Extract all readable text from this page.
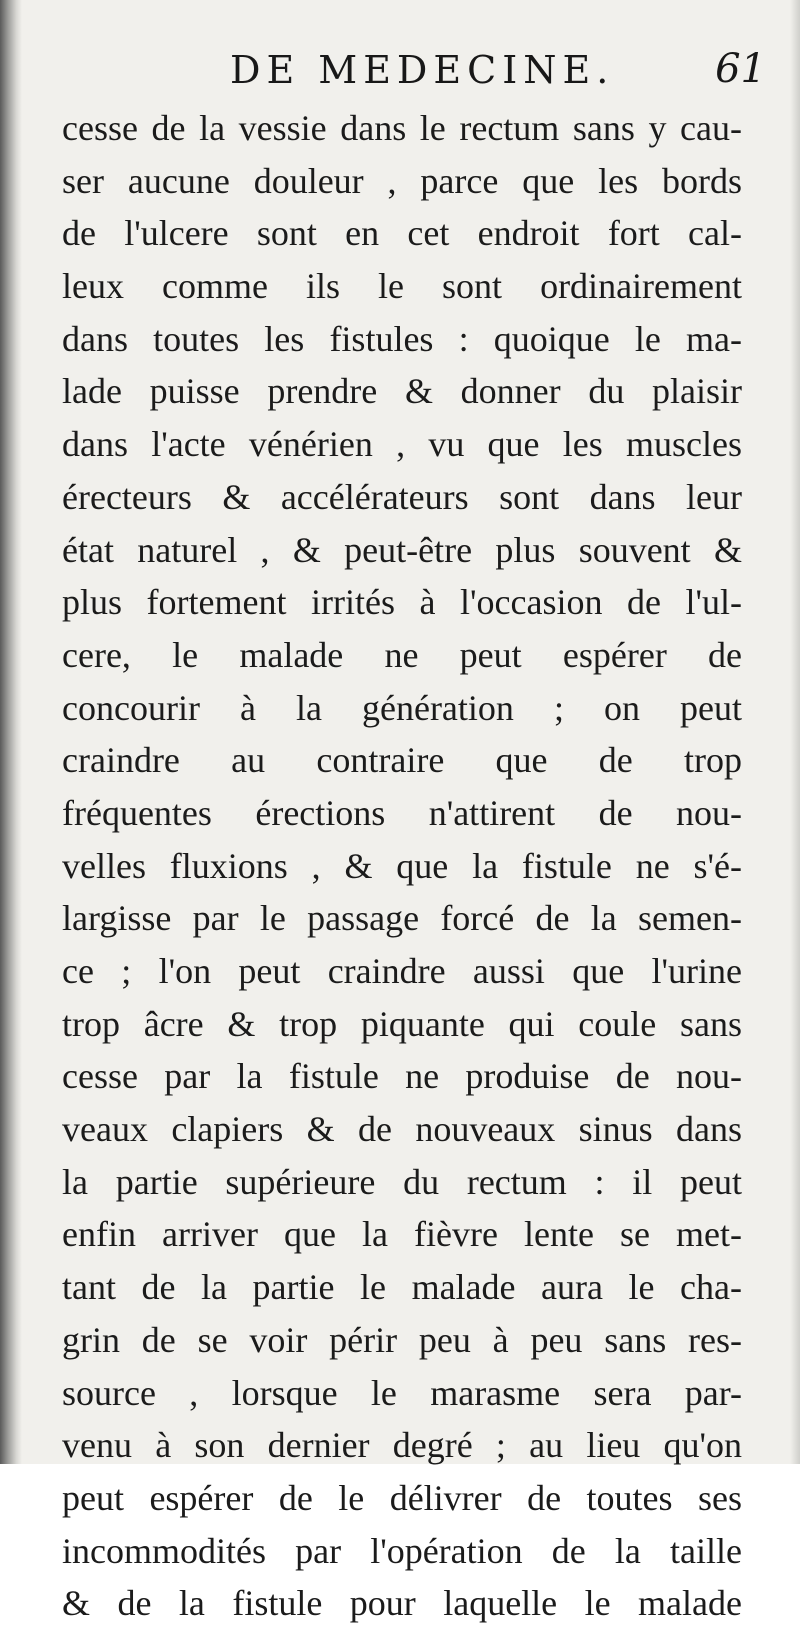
DE MEDECINE.	61
cesse de la vessie dans le rectum sans y cau-
ser aucune douleur , parce que les bords
de l'ulcere sont en cet endroit fort cal-
leux comme ils le sont ordinairement
dans toutes les fistules : quoique le ma-
lade puisse prendre & donner du plaisir
dans l'acte vénérien , vu que les muscles
érecteurs & accélérateurs sont dans leur
état naturel , & peut-être plus souvent &
plus fortement irrités à l'occasion de l'ul-
cere, le malade ne peut espérer de
concourir à la génération ; on peut
craindre au contraire que de trop
fréquentes érections n'attirent de nou-
velles fluxions , & que la fistule ne s'é-
largisse par le passage forcé de la semen-
ce ; l'on peut craindre aussi que l'urine
trop âcre & trop piquante qui coule sans
cesse par la fistule ne produise de nou-
veaux clapiers & de nouveaux sinus dans
la partie supérieure du rectum : il peut
enfin arriver que la fièvre lente se met-
tant de la partie le malade aura le cha-
grin de se voir périr peu à peu sans res-
source , lorsque le marasme sera par-
venu à son dernier degré ; au lieu qu'on
peut espérer de le délivrer de toutes ses
incommodités par l'opération de la taille
& de la fistule pour laquelle le malade
